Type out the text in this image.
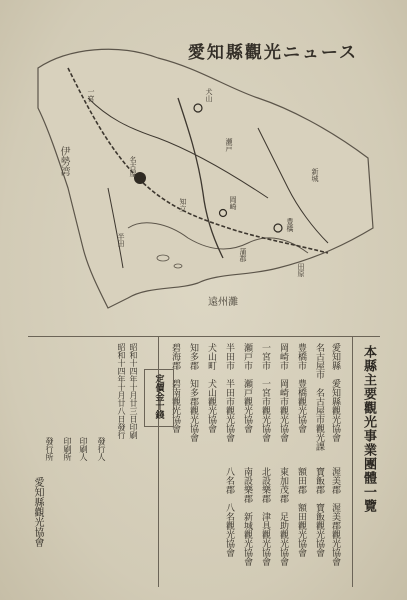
愛知縣觀光ニュース
伊勢湾
遠州灘
名古屋
犬山
瀬戸
岡崎
豊橋
蒲郡
半田
田原
新城
一宮
知立
本縣主要觀光事業團體一覽
愛知縣　愛知縣觀光協會
名古屋市　名古屋市觀光課
豊橋市　豊橋觀光協會
岡崎市　岡崎市觀光協會
一宮市　一宮市觀光協會
瀬戸市　瀬戸觀光協會
半田市　半田市觀光協會
犬山町　犬山觀光協會
知多郡　知多郡觀光協會
碧海郡　碧南觀光協會
渥美郡　渥美郡觀光協會
寶飯郡　寶飯觀光協會
額田郡　額田觀光協會
東加茂郡　足助觀光協會
北設樂郡　津具觀光協會
南設樂郡　新城觀光協會
八名郡　八名觀光協會
昭和十四年十月廿三日印刷
昭和十四年十月廿八日發行	定價金十錢
發行人
印刷人
印刷所
發行所
愛知縣觀光協會
